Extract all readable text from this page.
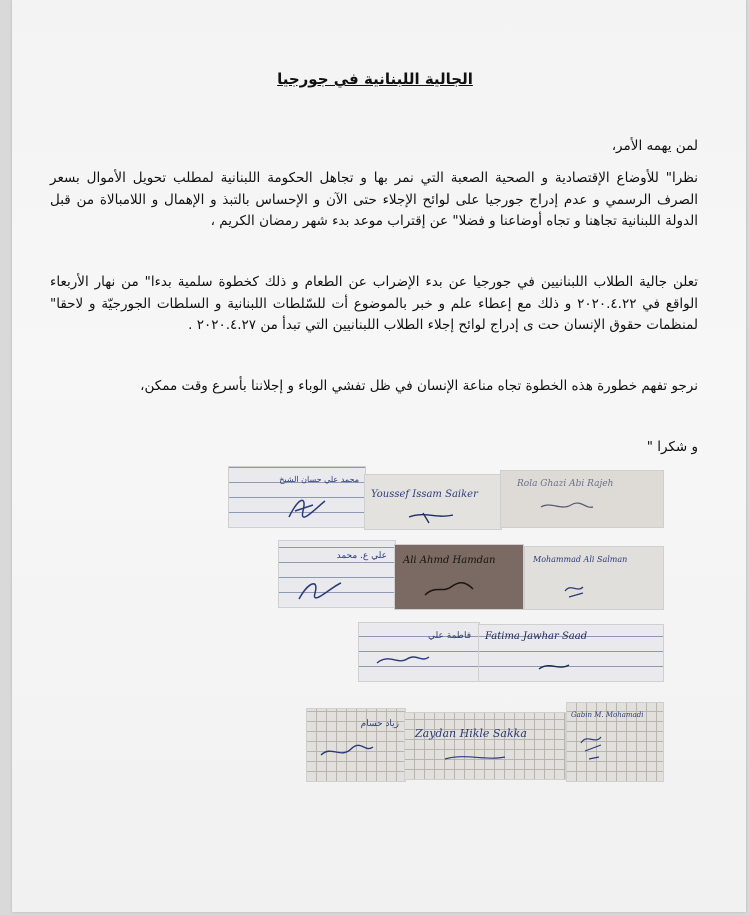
الجالية اللبنانية في جورجيا
لمن يهمه الأمر،
نظرا" للأوضاع الإقتصادية و الصحية الصعبة التي نمر بها و تجاهل الحكومة اللبنانية لمطلب تحويل الأموال بسعر الصرف الرسمي و عدم إدراج جورجيا على لوائح الإجلاء حتى الآن و الإحساس بالتبذ و الإهمال و اللامبالاة من قبل الدولة اللبنانية تجاهنا و تجاه أوضاعنا و فضلا" عن إقتراب موعد بدء شهر رمضان الكريم ،
تعلن جالية الطلاب اللبنانيين في جورجيا عن بدء الإضراب عن الطعام و ذلك كخطوة سلمية بدءا" من نهار الأربعاء الواقع في ٢٠٢٠.٤.٢٢ و ذلك مع إعطاء علم و خبر بالموضوع أت للسّلطات اللبنانية و السلطات الجورجيّة و لاحقا" لمنظمات حقوق الإنسان حت ى إدراج لوائح إجلاء الطلاب اللبنانيين التي تبدأ من ٢٠٢٠.٤.٢٧ .
نرجو تفهم خطورة هذه الخطوة تجاه مناعة الإنسان في ظل تفشي الوباء و إجلاننا بأسرع وقت ممكن،
و شكرا "
محمد علي حسان الشيخ
Youssef Issam Saiker
Rola Ghazi Abi Rajeh
علي ع. محمد Ali Ahmd Hamdan	Mohammad Ali Salman
فاطمة علي Fatima Jawhar Saad
زياد حسام
Zaydan Hikle Sakka
Gabin M. Mohamadi
